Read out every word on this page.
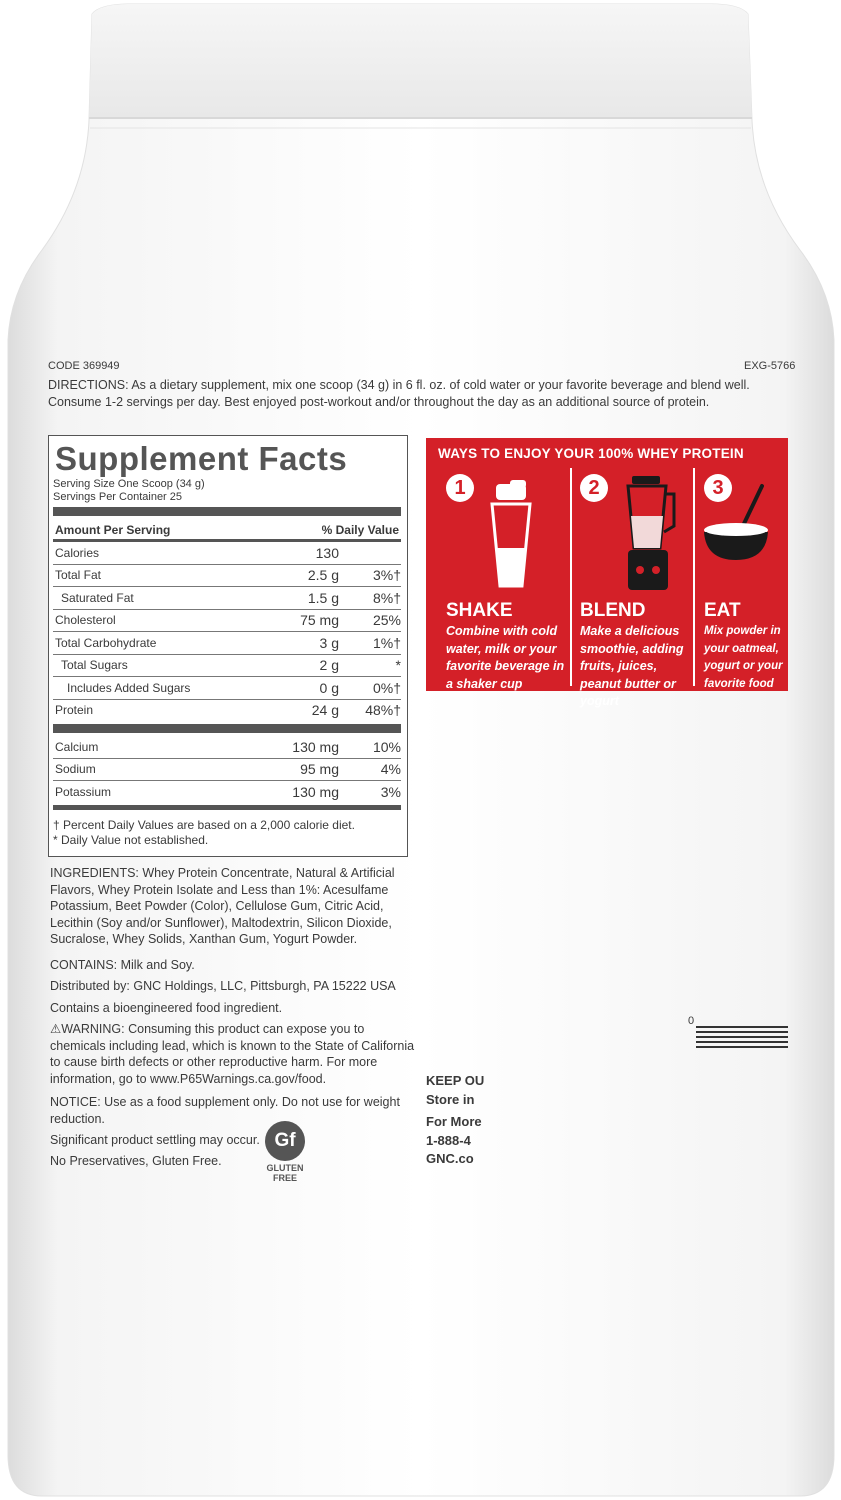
CODE 369949	EXG-5766
DIRECTIONS: As a dietary supplement, mix one scoop (34 g) in 6 fl. oz. of cold water or your favorite beverage and blend well. Consume 1-2 servings per day. Best enjoyed post-workout and/or throughout the day as an additional source of protein.
Supplement Facts
Serving Size One Scoop (34 g)
Servings Per Container 25
Amount Per Serving	% Daily Value
Calories	130
Total Fat	2.5 g	3%†
Saturated Fat	1.5 g	8%†
Cholesterol	75 mg	25%
Total Carbohydrate	3 g	1%†
Total Sugars	2 g	*
Includes Added Sugars	0 g	0%†
Protein	24 g	48%†
Calcium	130 mg	10%
Sodium	95 mg	4%
Potassium	130 mg	3%
† Percent Daily Values are based on a 2,000 calorie diet.
* Daily Value not established.
INGREDIENTS: Whey Protein Concentrate, Natural & Artificial Flavors, Whey Protein Isolate and Less than 1%: Acesulfame Potassium, Beet Powder (Color), Cellulose Gum, Citric Acid, Lecithin (Soy and/or Sunflower), Maltodextrin, Silicon Dioxide, Sucralose, Whey Solids, Xanthan Gum, Yogurt Powder.
CONTAINS: Milk and Soy.
Distributed by: GNC Holdings, LLC, Pittsburgh, PA 15222 USA
Contains a bioengineered food ingredient.
⚠WARNING: Consuming this product can expose you to chemicals including lead, which is known to the State of California to cause birth defects or other reproductive harm. For more information, go to www.P65Warnings.ca.gov/food.
NOTICE: Use as a food supplement only. Do not use for weight reduction.
Significant product settling may occur.
No Preservatives, Gluten Free.
Gf
GLUTEN
FREE
WAYS TO ENJOY YOUR 100% WHEY PROTEIN
1
SHAKE
Combine with cold water, milk or your favorite beverage in a shaker cup
2
BLEND
Make a delicious smoothie, adding fruits, juices, peanut butter or yogurt
3
EAT
Mix powder in your oatmeal, yogurt or your favorite food
KEEP OU
Store in
For More
1-888-4
GNC.co
0
